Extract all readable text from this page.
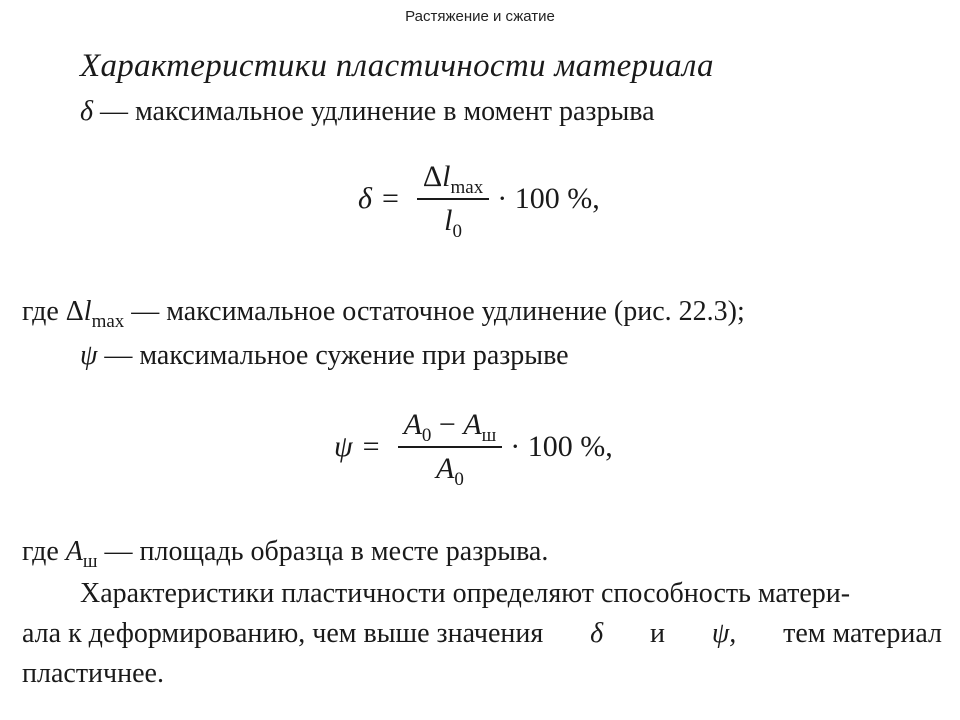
Растяжение и сжатие
Характеристики пластичности материала
δ — максимальное удлинение в момент разрыва
$\delta = \frac{\Delta l_{max}}{l_0} \cdot 100$ %,
где $\Delta l_{max}$ — максимальное остаточное удлинение (рис. 22.3);
ψ — максимальное сужение при разрыве
$\psi = \frac{A_0 - A_ш}{A_0} \cdot 100$ %,
где $A_ш$ — площадь образца в месте разрыва.
Характеристики пластичности определяют способность матери-
ала к деформированию, чем выше значения δ и ψ, тем материал
пластичнее.
